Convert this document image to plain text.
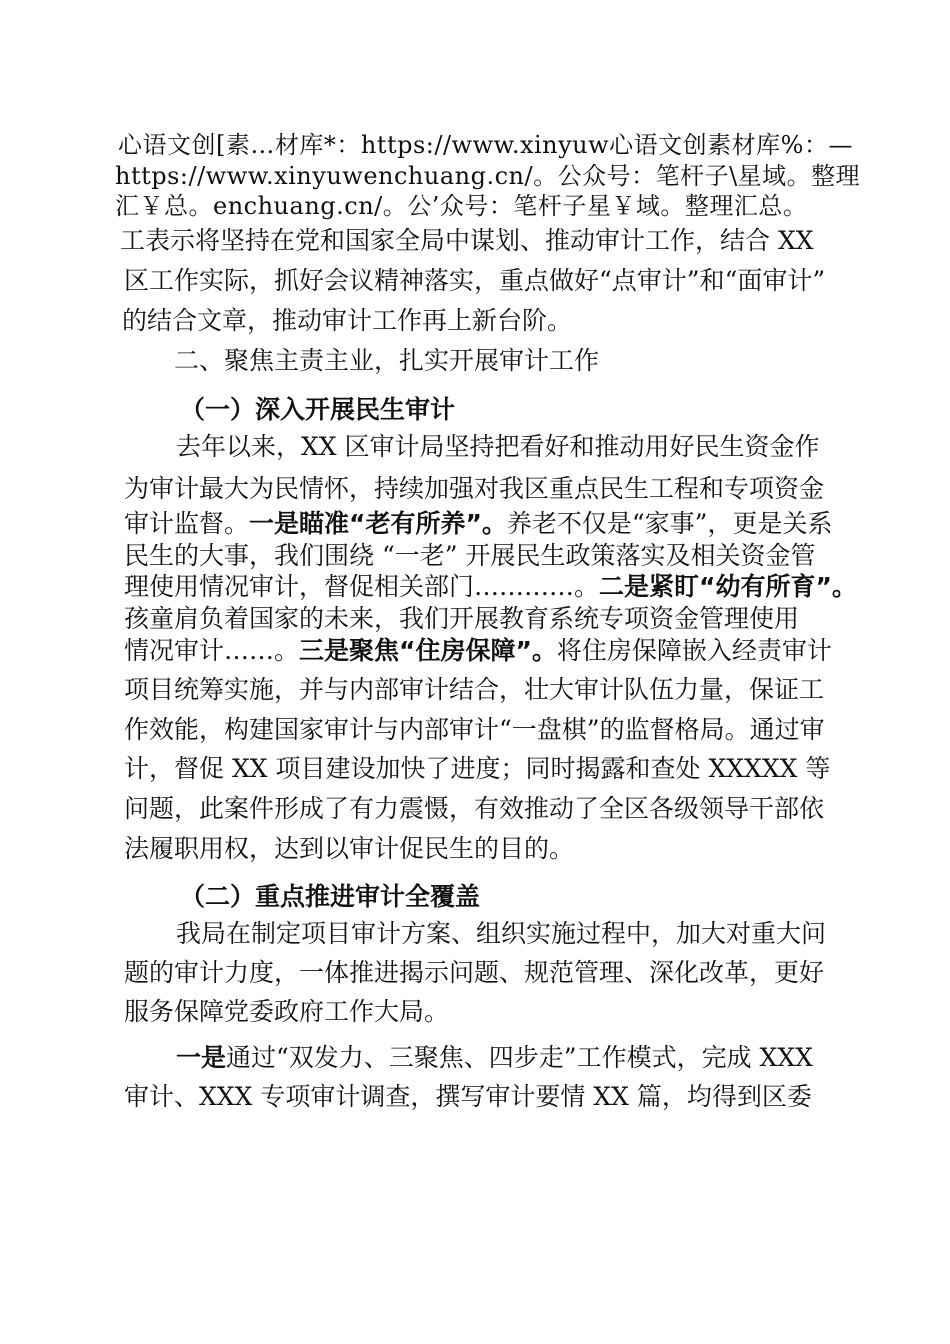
心语文创[素…材库*：https://www.xinyuw心语文创素材库%：—
https://www.xinyuwenchuang.cn/。公众号：笔杆子\星域。整理
汇￥总。enchuang.cn/。公’众号：笔杆子星￥域。整理汇总。
工表示将坚持在党和国家全局中谋划、推动审计工作，结合 XX
区工作实际，抓好会议精神落实，重点做好“点审计”和“面审计”
的结合文章，推动审计工作再上新台阶。
二、聚焦主责主业，扎实开展审计工作
（一）深入开展民生审计
去年以来，XX 区审计局坚持把看好和推动用好民生资金作
为审计最大为民情怀，持续加强对我区重点民生工程和专项资金
审计监督。一是瞄准“老有所养”。养老不仅是“家事”，更是关系
民生的大事，我们围绕 “一老” 开展民生政策落实及相关资金管
理使用情况审计，督促相关部门…………。二是紧盯“幼有所育”。
孩童肩负着国家的未来，我们开展教育系统专项资金管理使用
情况审计……。三是聚焦“住房保障”。将住房保障嵌入经责审计
项目统筹实施，并与内部审计结合，壮大审计队伍力量，保证工
作效能，构建国家审计与内部审计“一盘棋”的监督格局。通过审
计，督促 XX 项目建设加快了进度；同时揭露和查处 XXXXX 等
问题，此案件形成了有力震慑，有效推动了全区各级领导干部依
法履职用权，达到以审计促民生的目的。
（二）重点推进审计全覆盖
我局在制定项目审计方案、组织实施过程中，加大对重大问
题的审计力度，一体推进揭示问题、规范管理、深化改革，更好
服务保障党委政府工作大局。
一是通过“双发力、三聚焦、四步走”工作模式，完成 XXX
审计、XXX 专项审计调查，撰写审计要情 XX 篇，均得到区委
